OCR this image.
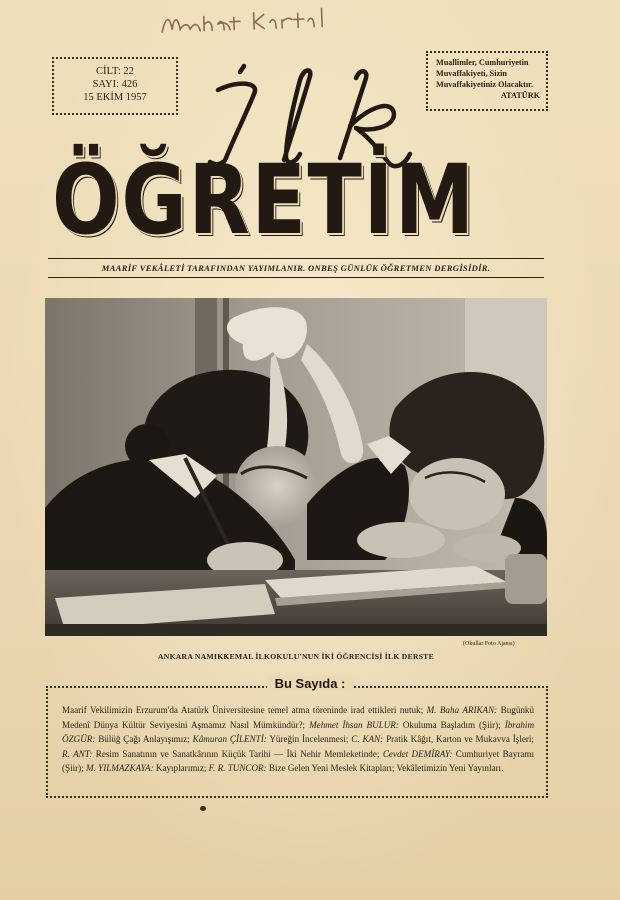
CİLT: 22
SAYI: 426
15 EKİM 1957
Muallimler, Cumhuriyetin Muvaffakiyeti, Sizin Muvaffakiyetiniz Olacaktır.
ATATÜRK
İlk
ÖĞRETİM
MAARİF VEKÂLETİ TARAFINDAN YAYIMLANIR. ONBEŞ GÜNLÜK ÖĞRETMEN DERGİSİDİR.
(Okullar Foto Ajansı)
ANKARA NAMIKKEMAL İLKOKULU'NUN İKİ ÖĞRENCİSİ İLK DERSTE
Maarif Vekilimizin Erzurum'da Atatürk Üniversitesine temel atma töreninde irad ettikleri nutuk; M. Baha ARIKAN: Bugünkü Medenî Dünya Kültür Seviyesini Aşmamız Nasıl Mümkündür?; Mehmet İhsan BULUR: Okuluma Başladım (Şiir); İbrahim ÖZGÜR: Bülüğ Çağı Anlayışımız; Kâmuran ÇİLENTİ: Yüreğin İncelenmesi; C. KAN: Pratik Kâğıt, Karton ve Mukavva İşleri; R. ANT: Resim Sanatının ve Sanatkârının Küçük Tarihi — İki Nehir Memleketinde; Cevdet DEMİRAY: Cumhuriyet Bayramı (Şiir); M. YILMAZKAYA: Kayıplarımız; F. R. TUNCOR: Bize Gelen Yeni Meslek Kitapları; Vekâletimizin Yeni Yayınları.
Bu Sayıda :
